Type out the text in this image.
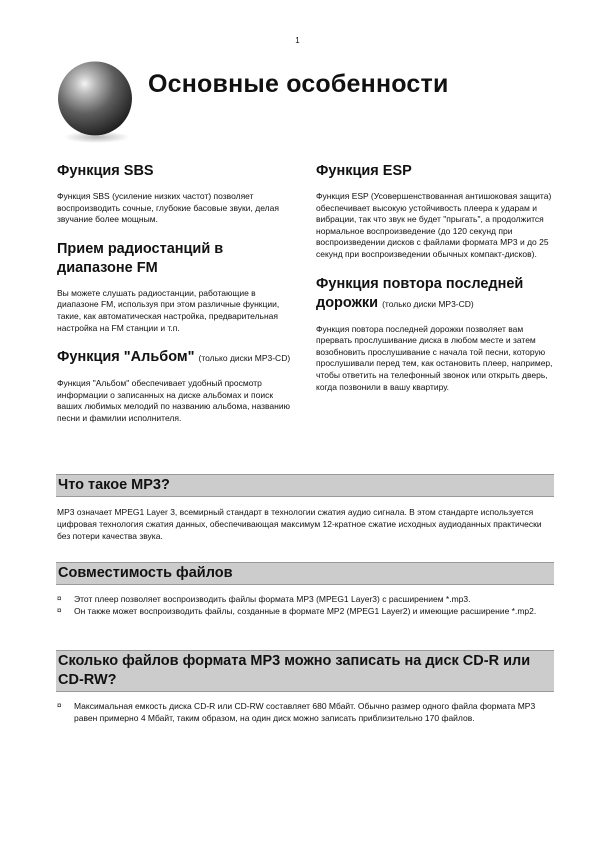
1
Основные особенности
Функция SBS

Функция SBS (усиление низких частот) позволяет воспроизводить сочные, глубокие басовые звуки, делая звучание более мощным.

Прием радиостанций в диапазоне FM

Вы можете слушать радиостанции, работающие в диапазоне FM, используя при этом различные функции, такие, как автоматическая настройка, предварительная настройка на FM станции и т.п.

Функция "Альбом" (только диски MP3-CD)

Функция "Альбом" обеспечивает удобный просмотр информации о записанных на диске альбомах и поиск ваших любимых мелодий по названию альбома, названию песни и фамилии исполнителя.

Функция ESP

Функция ESP (Усовершенствованная антишоковая защита) обеспечивает высокую устойчивость плеера к ударам и вибрации, так что звук не будет "прыгать", а продолжится нормальное воспроизведение (до 120 секунд при воспроизведении дисков с файлами формата MP3 и до 25 секунд при воспроизведении обычных компакт-дисков).

Функция повтора последней дорожки (только диски MP3-CD)

Функция повтора последней дорожки позволяет вам прервать прослушивание диска в любом месте и затем возобновить прослушивание с начала той песни, которую прослушивали перед тем, как остановить плеер, например, чтобы ответить на телефонный звонок или открыть дверь, когда позвонили в вашу квартиру.

Что такое MP3?

MP3 означает MPEG1 Layer 3, всемирный стандарт в технологии сжатия аудио сигнала. В этом стандарте используется цифровая технология сжатия данных, обеспечивающая максимум 12-кратное сжатие исходных аудиоданных практически без потери качества звука.

Совместимость файлов
¤ Этот плеер позволяет воспроизводить файлы формата MP3 (MPEG1 Layer3) с расширением *.mp3.
¤ Он также может воспроизводить файлы, созданные в формате MP2 (MPEG1 Layer2) и имеющие расширение *.mp2.
Сколько файлов формата MP3 можно записать на диск CD-R или CD-RW?
¤ Максимальная емкость диска CD-R или CD-RW составляет 680 Мбайт. Обычно размер одного файла формата MP3 равен примерно 4 Мбайт, таким образом, на один диск можно записать приблизительно 170 файлов.
